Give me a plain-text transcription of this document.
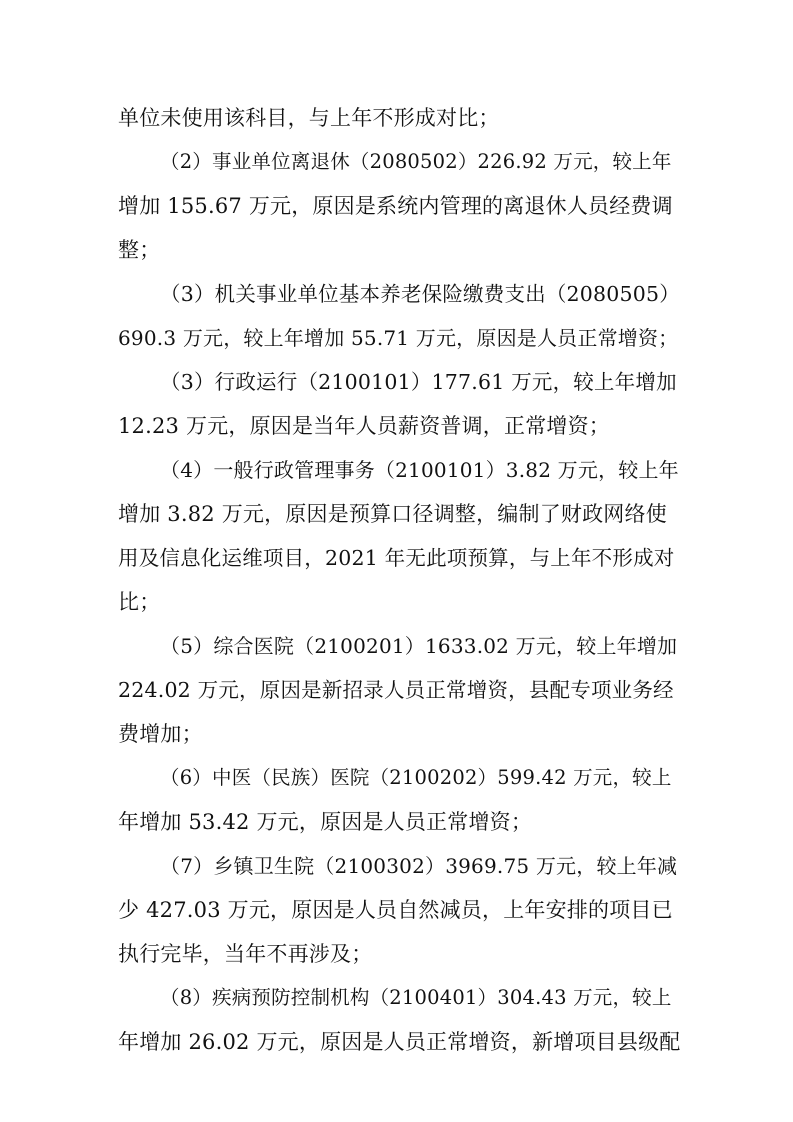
单位未使用该科目，与上年不形成对比；
（2）事业单位离退休（2080502）226.92 万元，较上年
增加 155.67 万元，原因是系统内管理的离退休人员经费调
整；
（3）机关事业单位基本养老保险缴费支出（2080505）
690.3 万元，较上年增加 55.71 万元，原因是人员正常增资；
（3）行政运行（2100101）177.61 万元，较上年增加
12.23 万元，原因是当年人员薪资普调，正常增资；
（4）一般行政管理事务（2100101）3.82 万元，较上年
增加 3.82 万元，原因是预算口径调整，编制了财政网络使
用及信息化运维项目，2021 年无此项预算，与上年不形成对
比；
（5）综合医院（2100201）1633.02 万元，较上年增加
224.02 万元，原因是新招录人员正常增资，县配专项业务经
费增加；
（6）中医（民族）医院（2100202）599.42 万元，较上
年增加 53.42 万元，原因是人员正常增资；
（7）乡镇卫生院（2100302）3969.75 万元，较上年减
少 427.03 万元，原因是人员自然减员，上年安排的项目已
执行完毕，当年不再涉及；
（8）疾病预防控制机构（2100401）304.43 万元，较上
年增加 26.02 万元，原因是人员正常增资，新增项目县级配
